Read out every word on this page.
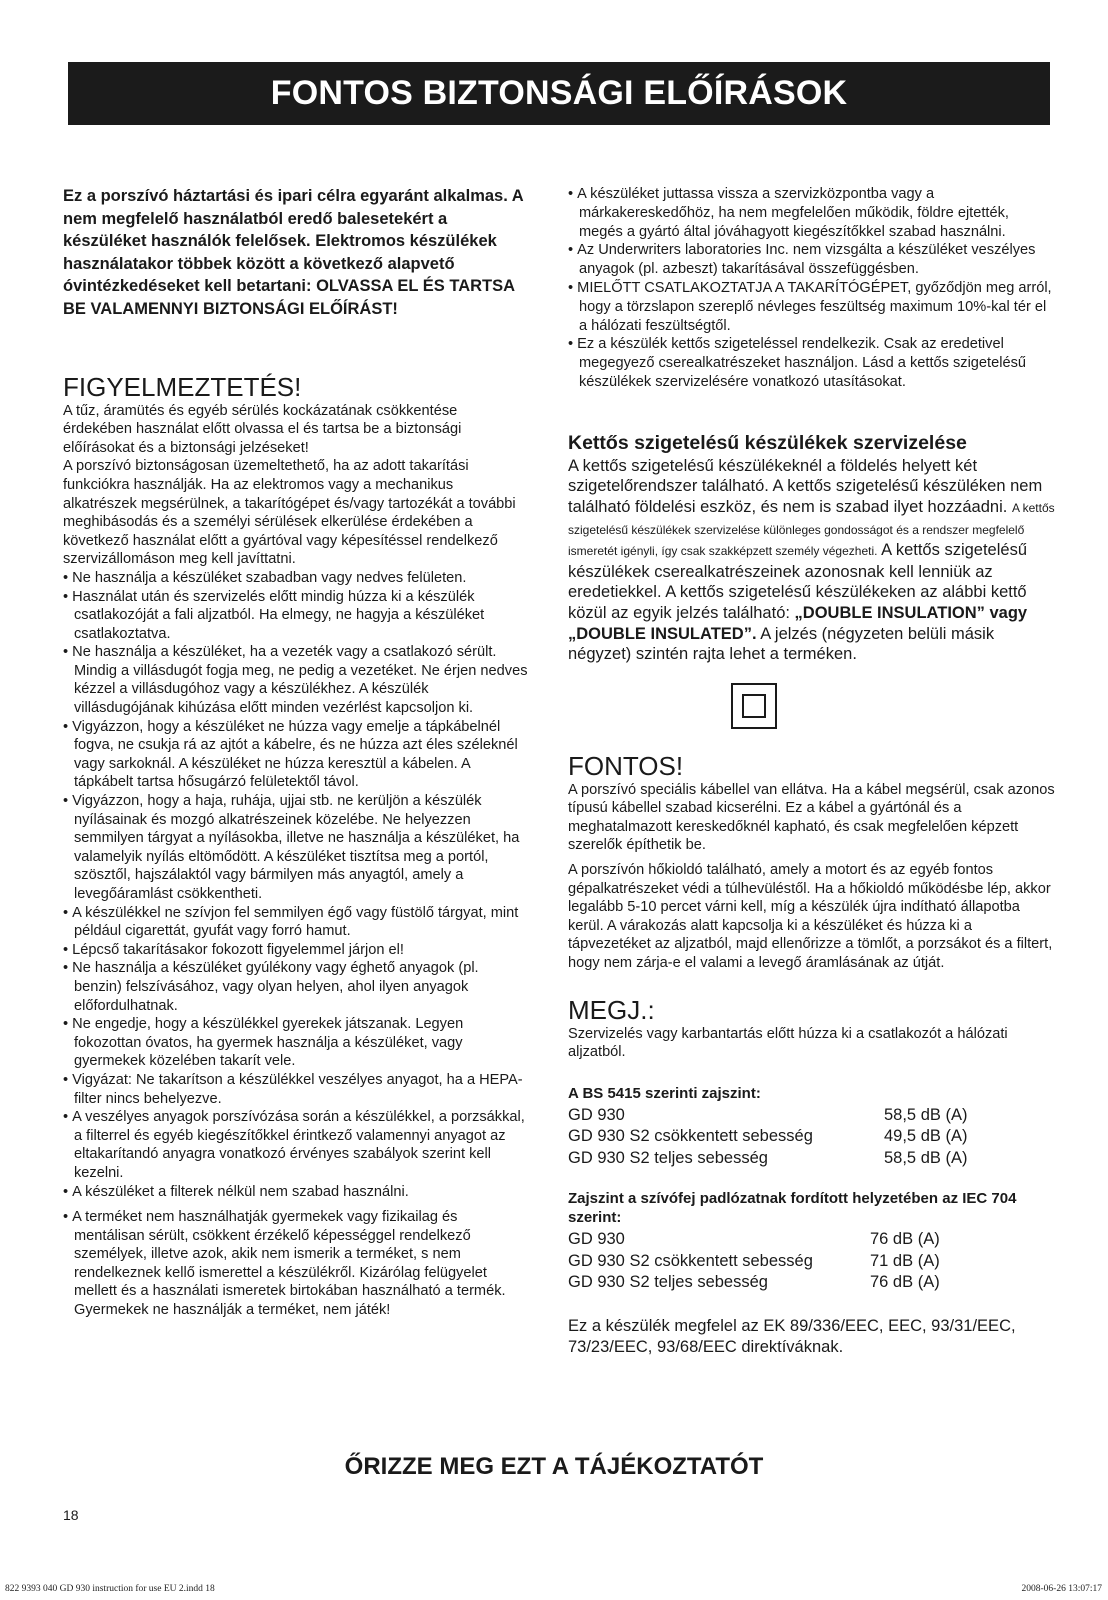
FONTOS BIZTONSÁGI ELŐÍRÁSOK

Ez a porszívó háztartási és ipari célra egyaránt alkalmas. A nem megfelelő használatból eredő balesetekért a készüléket használók felelősek. Elektromos készülékek használatakor többek között a következő alapvető óvintézkedéseket kell betartani: OLVASSA EL ÉS TARTSA BE VALAMENNYI BIZTONSÁGI ELŐÍRÁST!

FIGYELMEZTETÉS!

A tűz, áramütés és egyéb sérülés kockázatának csökkentése érdekében használat előtt olvassa el és tartsa be a biztonsági előírásokat és a biztonsági jelzéseket!

A porszívó biztonságosan üzemeltethető, ha az adott takarítási funkciókra használják. Ha az elektromos vagy a mechanikus alkatrészek megsérülnek, a takarítógépet és/vagy tartozékát a további meghibásodás és a személyi sérülések elkerülése érdekében a következő használat előtt a gyártóval vagy képesítéssel rendelkező szervizállomáson meg kell javíttatni.

• Ne használja a készüléket szabadban vagy nedves felületen.

• Használat után és szervizelés előtt mindig húzza ki a készülék csatlakozóját a fali aljzatból. Ha elmegy, ne hagyja a készüléket csatlakoztatva.

• Ne használja a készüléket, ha a vezeték vagy a csatlakozó sérült. Mindig a villásdugót fogja meg, ne pedig a vezetéket. Ne érjen nedves kézzel a villásdugóhoz vagy a készülékhez. A készülék villásdugójának kihúzása előtt minden vezérlést kapcsoljon ki.

• Vigyázzon, hogy a készüléket ne húzza vagy emelje a tápkábelnél fogva, ne csukja rá az ajtót a kábelre, és ne húzza azt éles széleknél vagy sarkoknál. A készüléket ne húzza keresztül a kábelen. A tápkábelt tartsa hősugárzó felületektől távol.

• Vigyázzon, hogy a haja, ruhája, ujjai stb. ne kerüljön a készülék nyílásainak és mozgó alkatrészeinek közelébe. Ne helyezzen semmilyen tárgyat a nyílásokba, illetve ne használja a készüléket, ha valamelyik nyílás eltömődött. A készüléket tisztítsa meg a portól, szösztől, hajszálaktól vagy bármilyen más anyagtól, amely a levegőáramlást csökkentheti.

• A készülékkel ne szívjon fel semmilyen égő vagy füstölő tárgyat, mint például cigarettát, gyufát vagy forró hamut.

• Lépcső takarításakor fokozott figyelemmel járjon el!

• Ne használja a készüléket gyúlékony vagy éghető anyagok (pl. benzin) felszívásához, vagy olyan helyen, ahol ilyen anyagok előfordulhatnak.

• Ne engedje, hogy a készülékkel gyerekek játszanak. Legyen fokozottan óvatos, ha gyermek használja a készüléket, vagy gyermekek közelében takarít vele.

• Vigyázat: Ne takarítson a készülékkel veszélyes anyagot, ha a HEPA-filter nincs behelyezve.

• A veszélyes anyagok porszívózása során a készülékkel, a porzsákkal, a filterrel és egyéb kiegészítőkkel érintkező valamennyi anyagot az eltakarítandó anyagra vonatkozó érvényes szabályok szerint kell kezelni.

• A készüléket a filterek nélkül nem szabad használni.

• A terméket nem használhatják gyermekek vagy fizikailag és mentálisan sérült, csökkent érzékelő képességgel rendelkező személyek, illetve azok, akik nem ismerik a terméket, s nem rendelkeznek kellő ismerettel a készülékről. Kizárólag felügyelet mellett és a használati ismeretek birtokában használható a termék. Gyermekek ne használják a terméket, nem játék!

• A készüléket juttassa vissza a szervizközpontba vagy a márkakereskedőhöz, ha nem megfelelően működik, földre ejtették, megés a gyártó által jóváhagyott kiegészítőkkel szabad használni.

• Az Underwriters laboratories Inc. nem vizsgálta a készüléket veszélyes anyagok (pl. azbeszt) takarításával összefüggésben.

• MIELŐTT CSATLAKOZTATJA A TAKARÍTÓGÉPET, győződjön meg arról, hogy a törzslapon szereplő névleges feszültség maximum 10%-kal tér el a hálózati feszültségtől.

• Ez a készülék kettős szigeteléssel rendelkezik. Csak az eredetivel megegyező cserealkatrészeket használjon. Lásd a kettős szigetelésű készülékek szervizelésére vonatkozó utasításokat.

Kettős szigetelésű készülékek szervizelése

A kettős szigetelésű készülékeknél a földelés helyett két szigetelőrendszer található. A kettős szigetelésű készüléken nem található földelési eszköz, és nem is szabad ilyet hozzáadni. A kettős szigetelésű készülékek szervizelése különleges gondosságot és a rendszer megfelelő ismeretét igényli, így csak szakképzett személy végezheti. A kettős szigetelésű készülékek cserealkatrészeinek azonosnak kell lenniük az eredetiekkel. A kettős szigetelésű készülékeken az alábbi kettő közül az egyik jelzés található: „DOUBLE INSULATION” vagy „DOUBLE INSULATED”. A jelzés (négyzeten belüli másik négyzet) szintén rajta lehet a terméken.

FONTOS!

A porszívó speciális kábellel van ellátva. Ha a kábel megsérül, csak azonos típusú kábellel szabad kicserélni. Ez a kábel a gyártónál és a meghatalmazott kereskedőknél kapható, és csak megfelelően képzett szerelők építhetik be.

A porszívón hőkioldó található, amely a motort és az egyéb fontos gépalkatrészeket védi a túlhevüléstől. Ha a hőkioldó működésbe lép, akkor legalább 5-10 percet várni kell, míg a készülék újra indítható állapotba kerül. A várakozás alatt kapcsolja ki a készüléket és húzza ki a tápvezetéket az aljzatból, majd ellenőrizze a tömlőt, a porzsákot és a filtert, hogy nem zárja-e el valami a levegő áramlásának az útját.

MEGJ.:

Szervizelés vagy karbantartás előtt húzza ki a csatlakozót a hálózati aljzatból.

A BS 5415 szerinti zajszint:

GD 930	58,5 dB (A)
GD 930 S2 csökkentett sebesség	49,5 dB (A)
GD 930 S2 teljes sebesség	58,5 dB (A)

Zajszint a szívófej padlózatnak fordított helyzetében az IEC 704 szerint:

GD 930	76 dB (A)
GD 930 S2 csökkentett sebesség	71 dB (A)
GD 930 S2 teljes sebesség	76 dB (A)

Ez a készülék megfelel az EK 89/336/EEC, EEC, 93/31/EEC, 73/23/EEC, 93/68/EEC direktíváknak.

ŐRIZZE MEG EZT A TÁJÉKOZTATÓT
18
822 9393 040 GD 930 instruction for use EU 2.indd 18	2008-06-26 13:07:17
